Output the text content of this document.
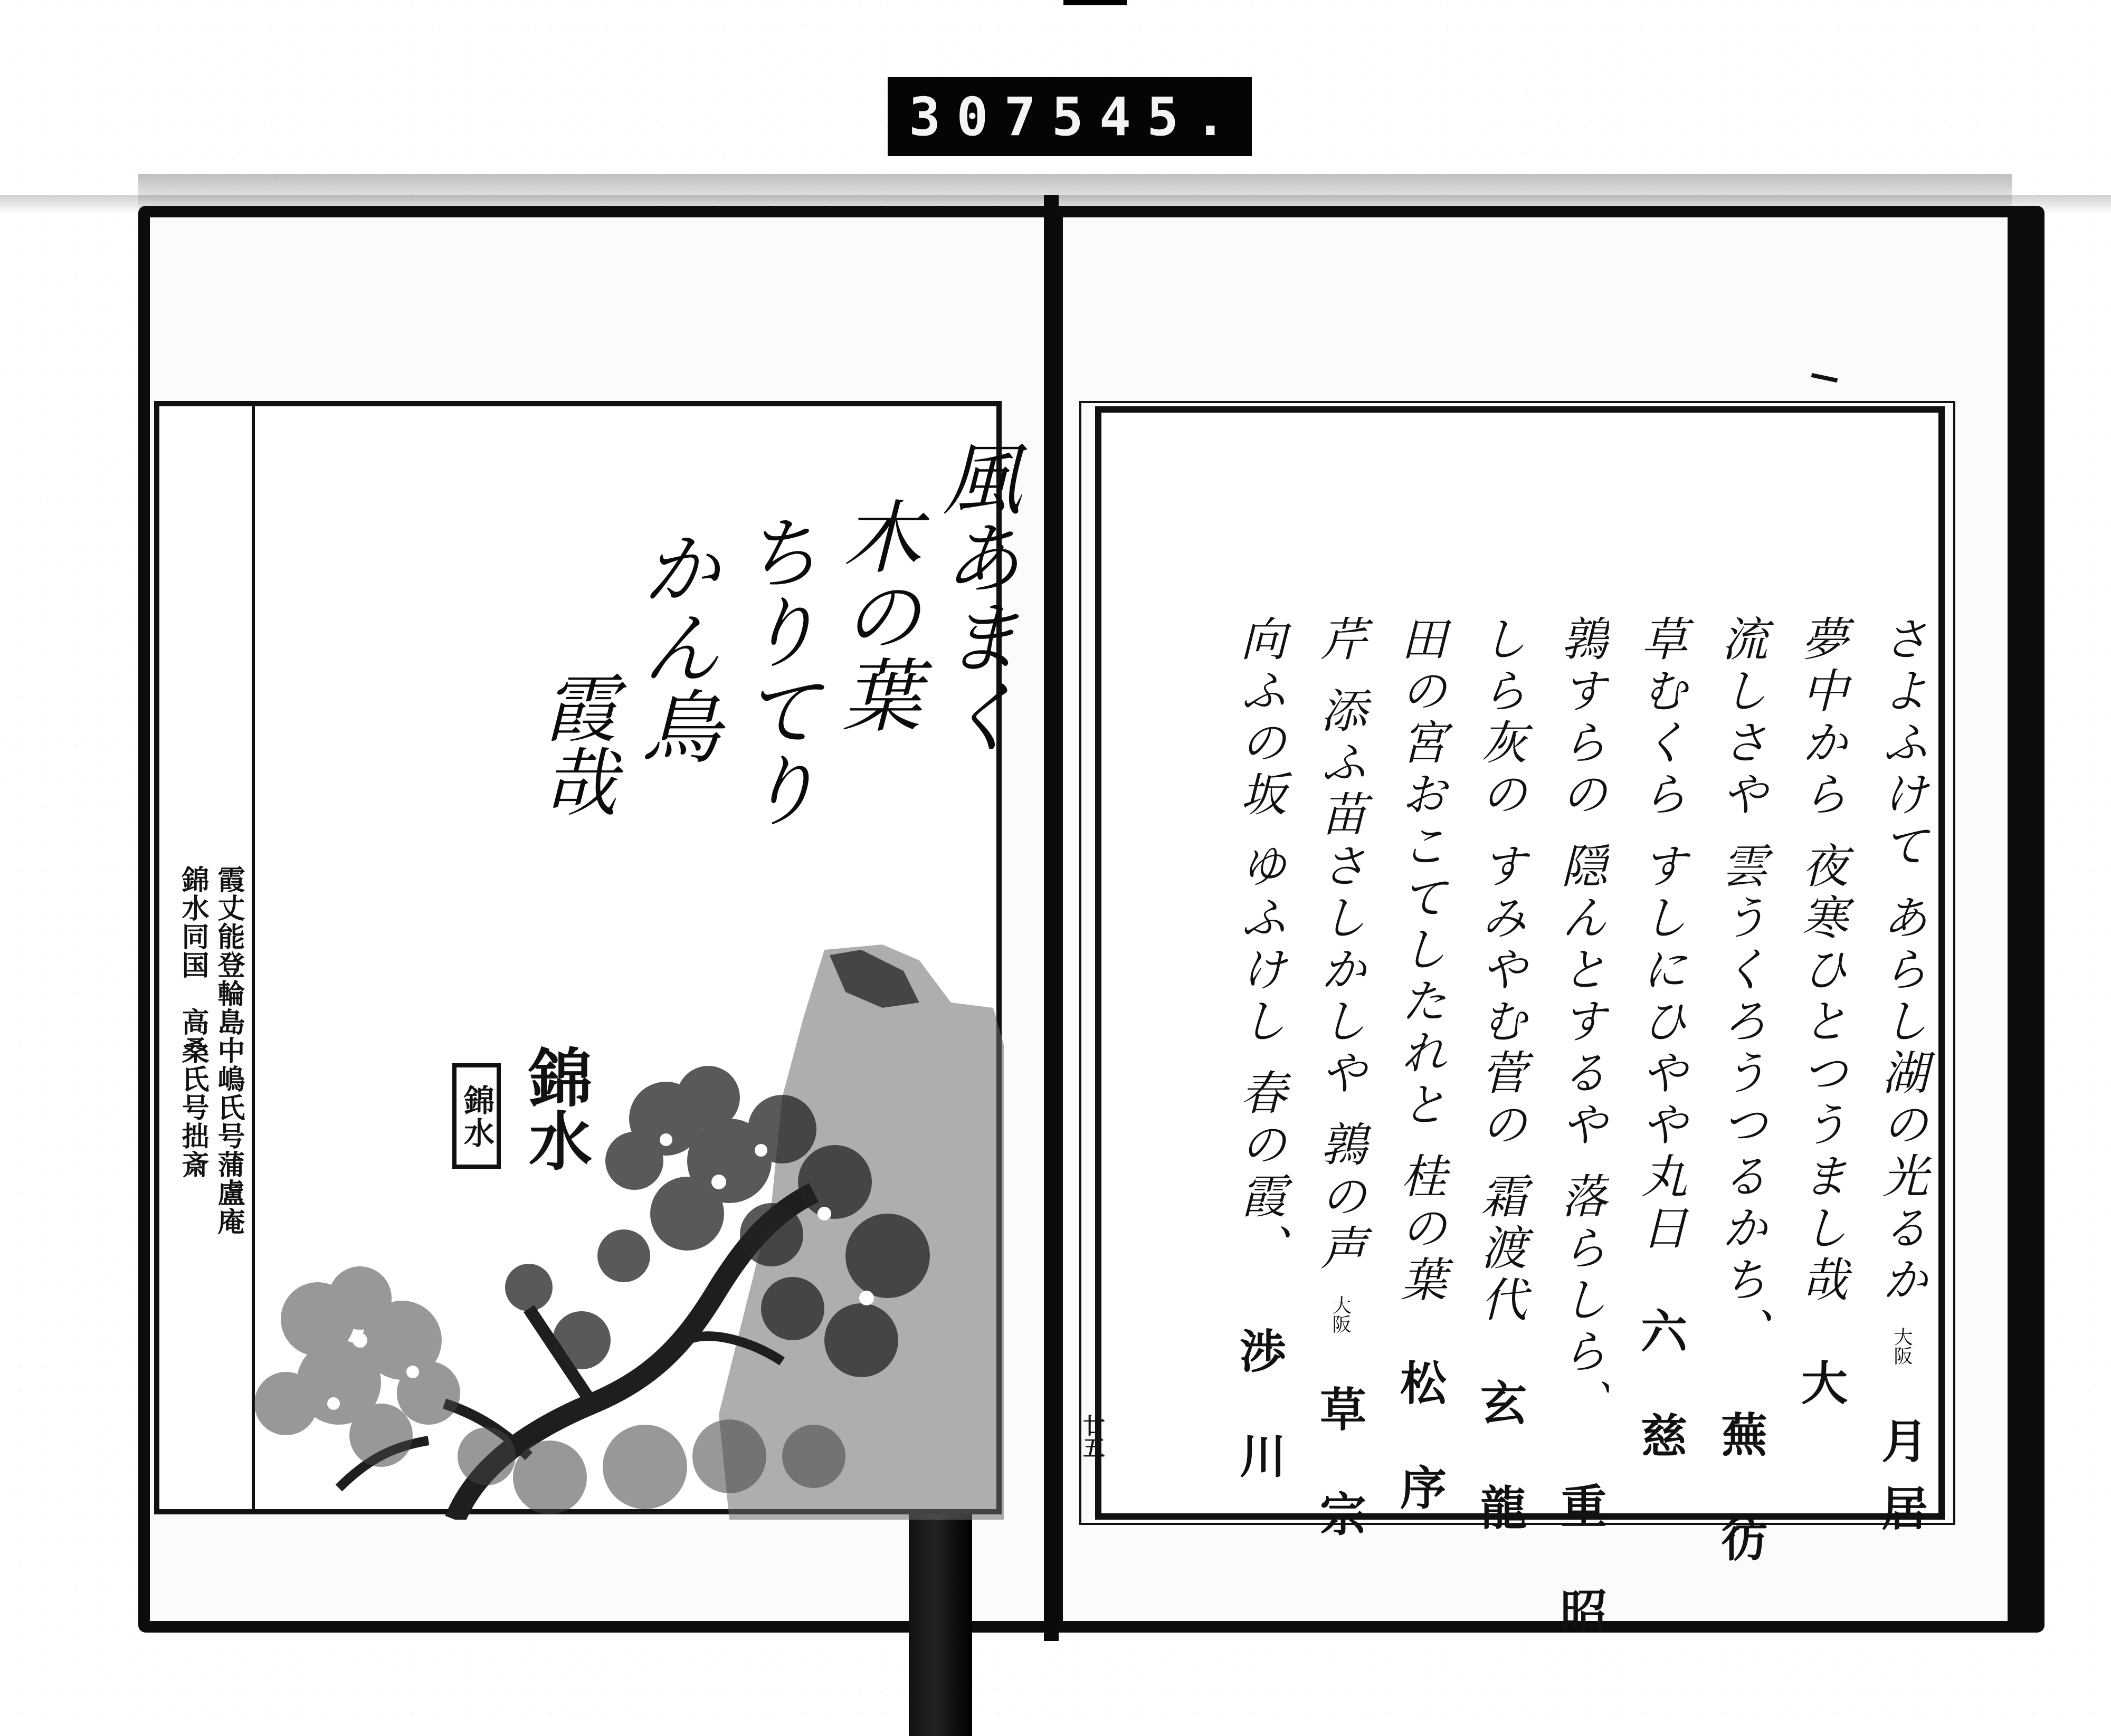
307 545.
霞丈能登輪島中嶋氏号蒲盧庵
錦水同国　高桑氏号拙斎
風あまく
木の葉
ちりてり
かん鳥
霞哉
錦水
錦
水	さよふけて あらし湖の光るか 大阪 月居
夢中から 夜寒ひとつうまし哉 大
流しさや 雲うくろうつるかち、 蕪 彷
草むくら すしにひやや丸日 六 慈
鶉すらの 隠んとするや 落らしら、 重 昭
しら灰の すみやむ菅の 霜渡代 玄 龍
田の宮おこてしたれと 桂の葉 松 序
芹 添ふ苗さしかしや 鶉の声 大阪 草 宗
向ふの坂 ゆふけし 春の霞、 渉 川
廿五
